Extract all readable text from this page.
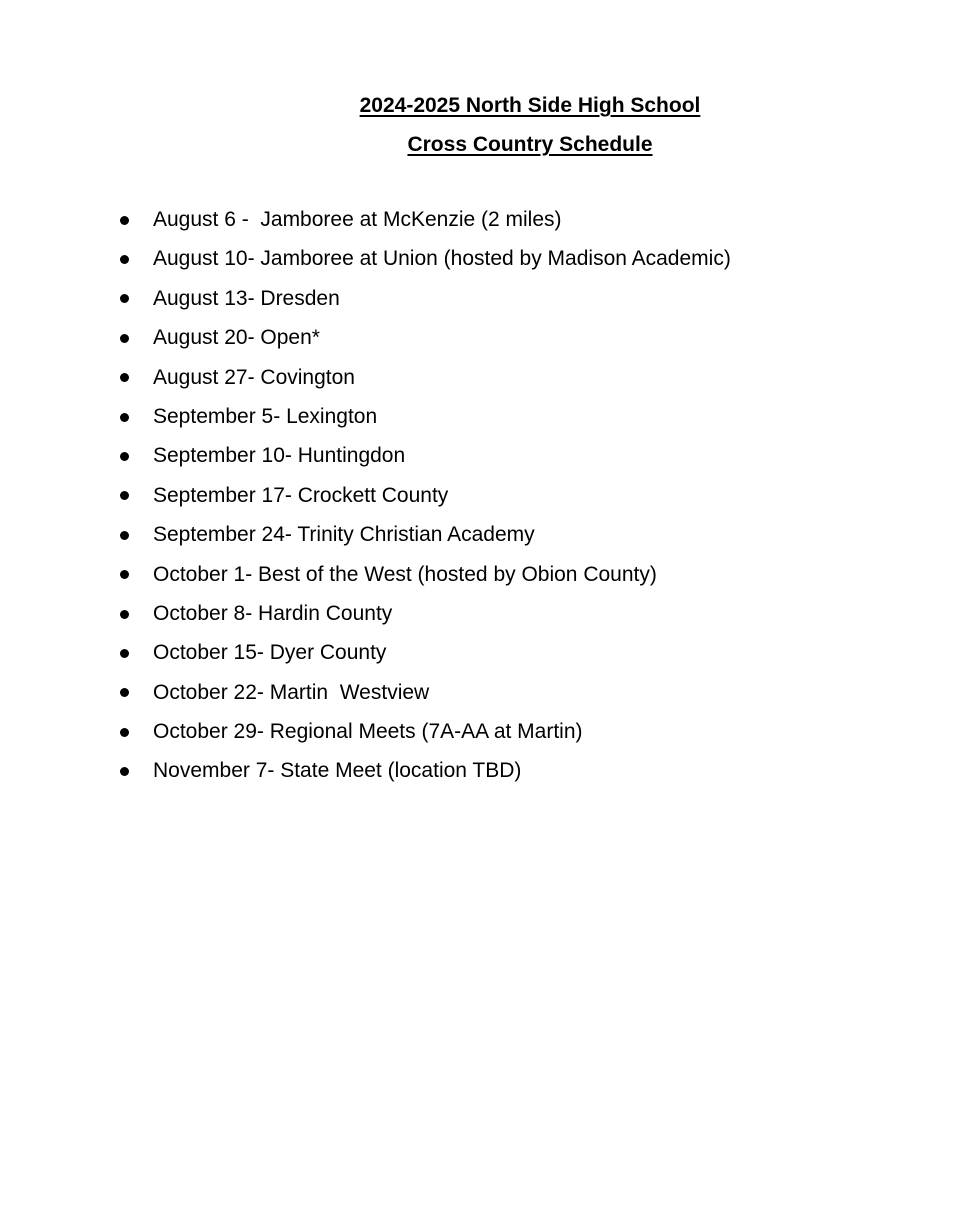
2024-2025 North Side High School
Cross Country Schedule
August 6 -  Jamboree at McKenzie (2 miles)
August 10- Jamboree at Union (hosted by Madison Academic)
August 13- Dresden
August 20- Open*
August 27- Covington
September 5- Lexington
September 10- Huntingdon
September 17- Crockett County
September 24- Trinity Christian Academy
October 1- Best of the West (hosted by Obion County)
October 8- Hardin County
October 15- Dyer County
October 22- Martin  Westview
October 29- Regional Meets (7A-AA at Martin)
November 7- State Meet (location TBD)
